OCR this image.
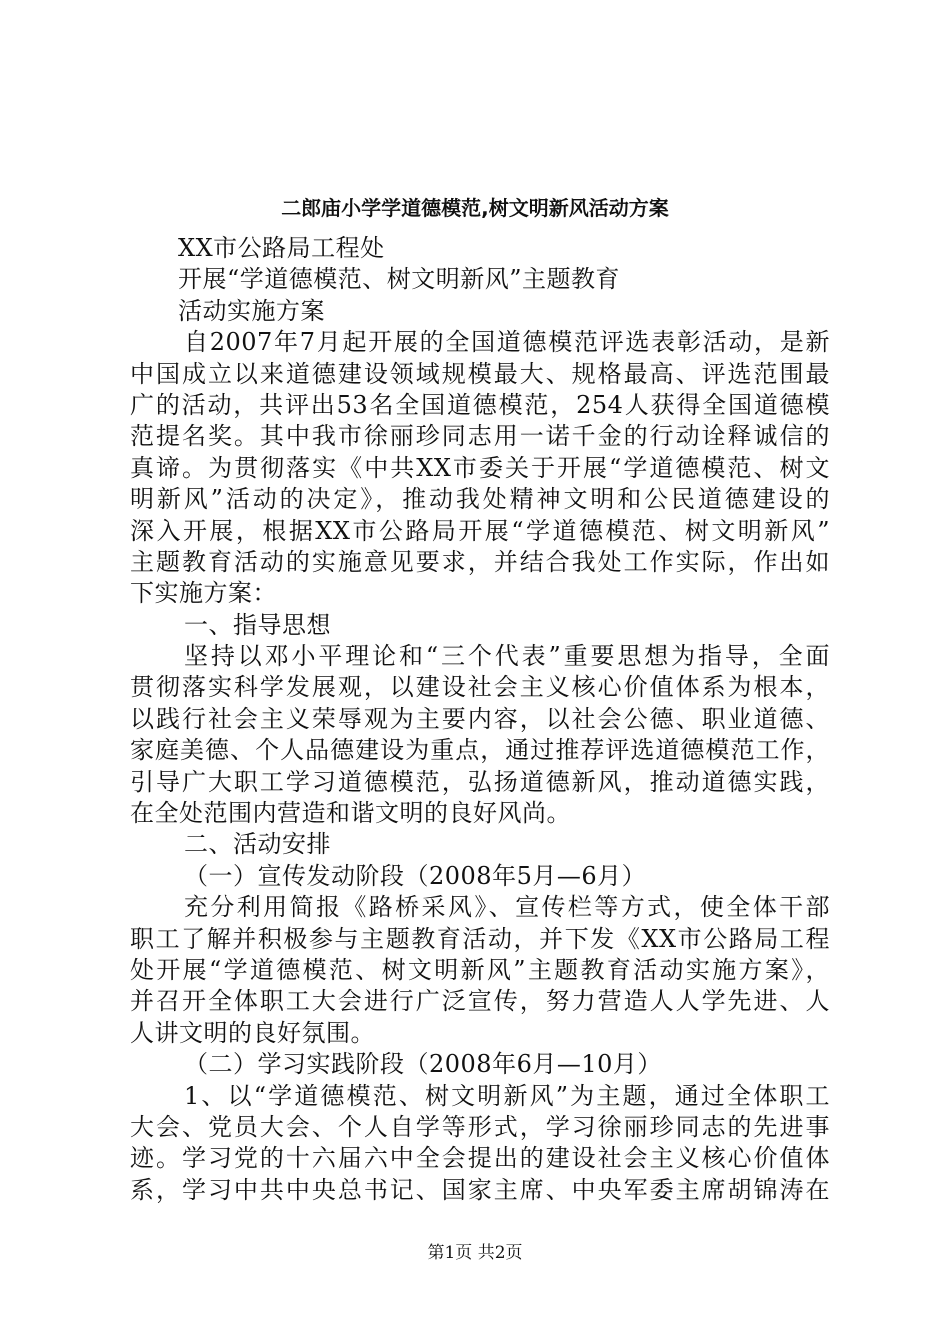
二郎庙小学学道德模范,树文明新风活动方案
XX市公路局工程处
开展“学道德模范、树文明新风”主题教育
活动实施方案
自2007年7月起开展的全国道德模范评选表彰活动，是新
中国成立以来道德建设领域规模最大、规格最高、评选范围最
广的活动，共评出53名全国道德模范，254人获得全国道德模
范提名奖。其中我市徐丽珍同志用一诺千金的行动诠释诚信的
真谛。为贯彻落实《中共XX市委关于开展“学道德模范、树文
明新风”活动的决定》，推动我处精神文明和公民道德建设的
深入开展，根据XX市公路局开展“学道德模范、树文明新风”
主题教育活动的实施意见要求，并结合我处工作实际，作出如
下实施方案：
一、指导思想
坚持以邓小平理论和“三个代表”重要思想为指导，全面
贯彻落实科学发展观，以建设社会主义核心价值体系为根本，
以践行社会主义荣辱观为主要内容，以社会公德、职业道德、
家庭美德、个人品德建设为重点，通过推荐评选道德模范工作，
引导广大职工学习道德模范，弘扬道德新风，推动道德实践，
在全处范围内营造和谐文明的良好风尚。
二、活动安排
（一）宣传发动阶段（2008年5月—6月）
充分利用简报《路桥采风》、宣传栏等方式，使全体干部
职工了解并积极参与主题教育活动，并下发《XX市公路局工程
处开展“学道德模范、树文明新风”主题教育活动实施方案》，
并召开全体职工大会进行广泛宣传，努力营造人人学先进、人
人讲文明的良好氛围。
（二）学习实践阶段（2008年6月—10月）
1、以“学道德模范、树文明新风”为主题，通过全体职工
大会、党员大会、个人自学等形式，学习徐丽珍同志的先进事
迹。学习党的十六届六中全会提出的建设社会主义核心价值体
系，学习中共中央总书记、国家主席、中央军委主席胡锦涛在
第1页 共2页
